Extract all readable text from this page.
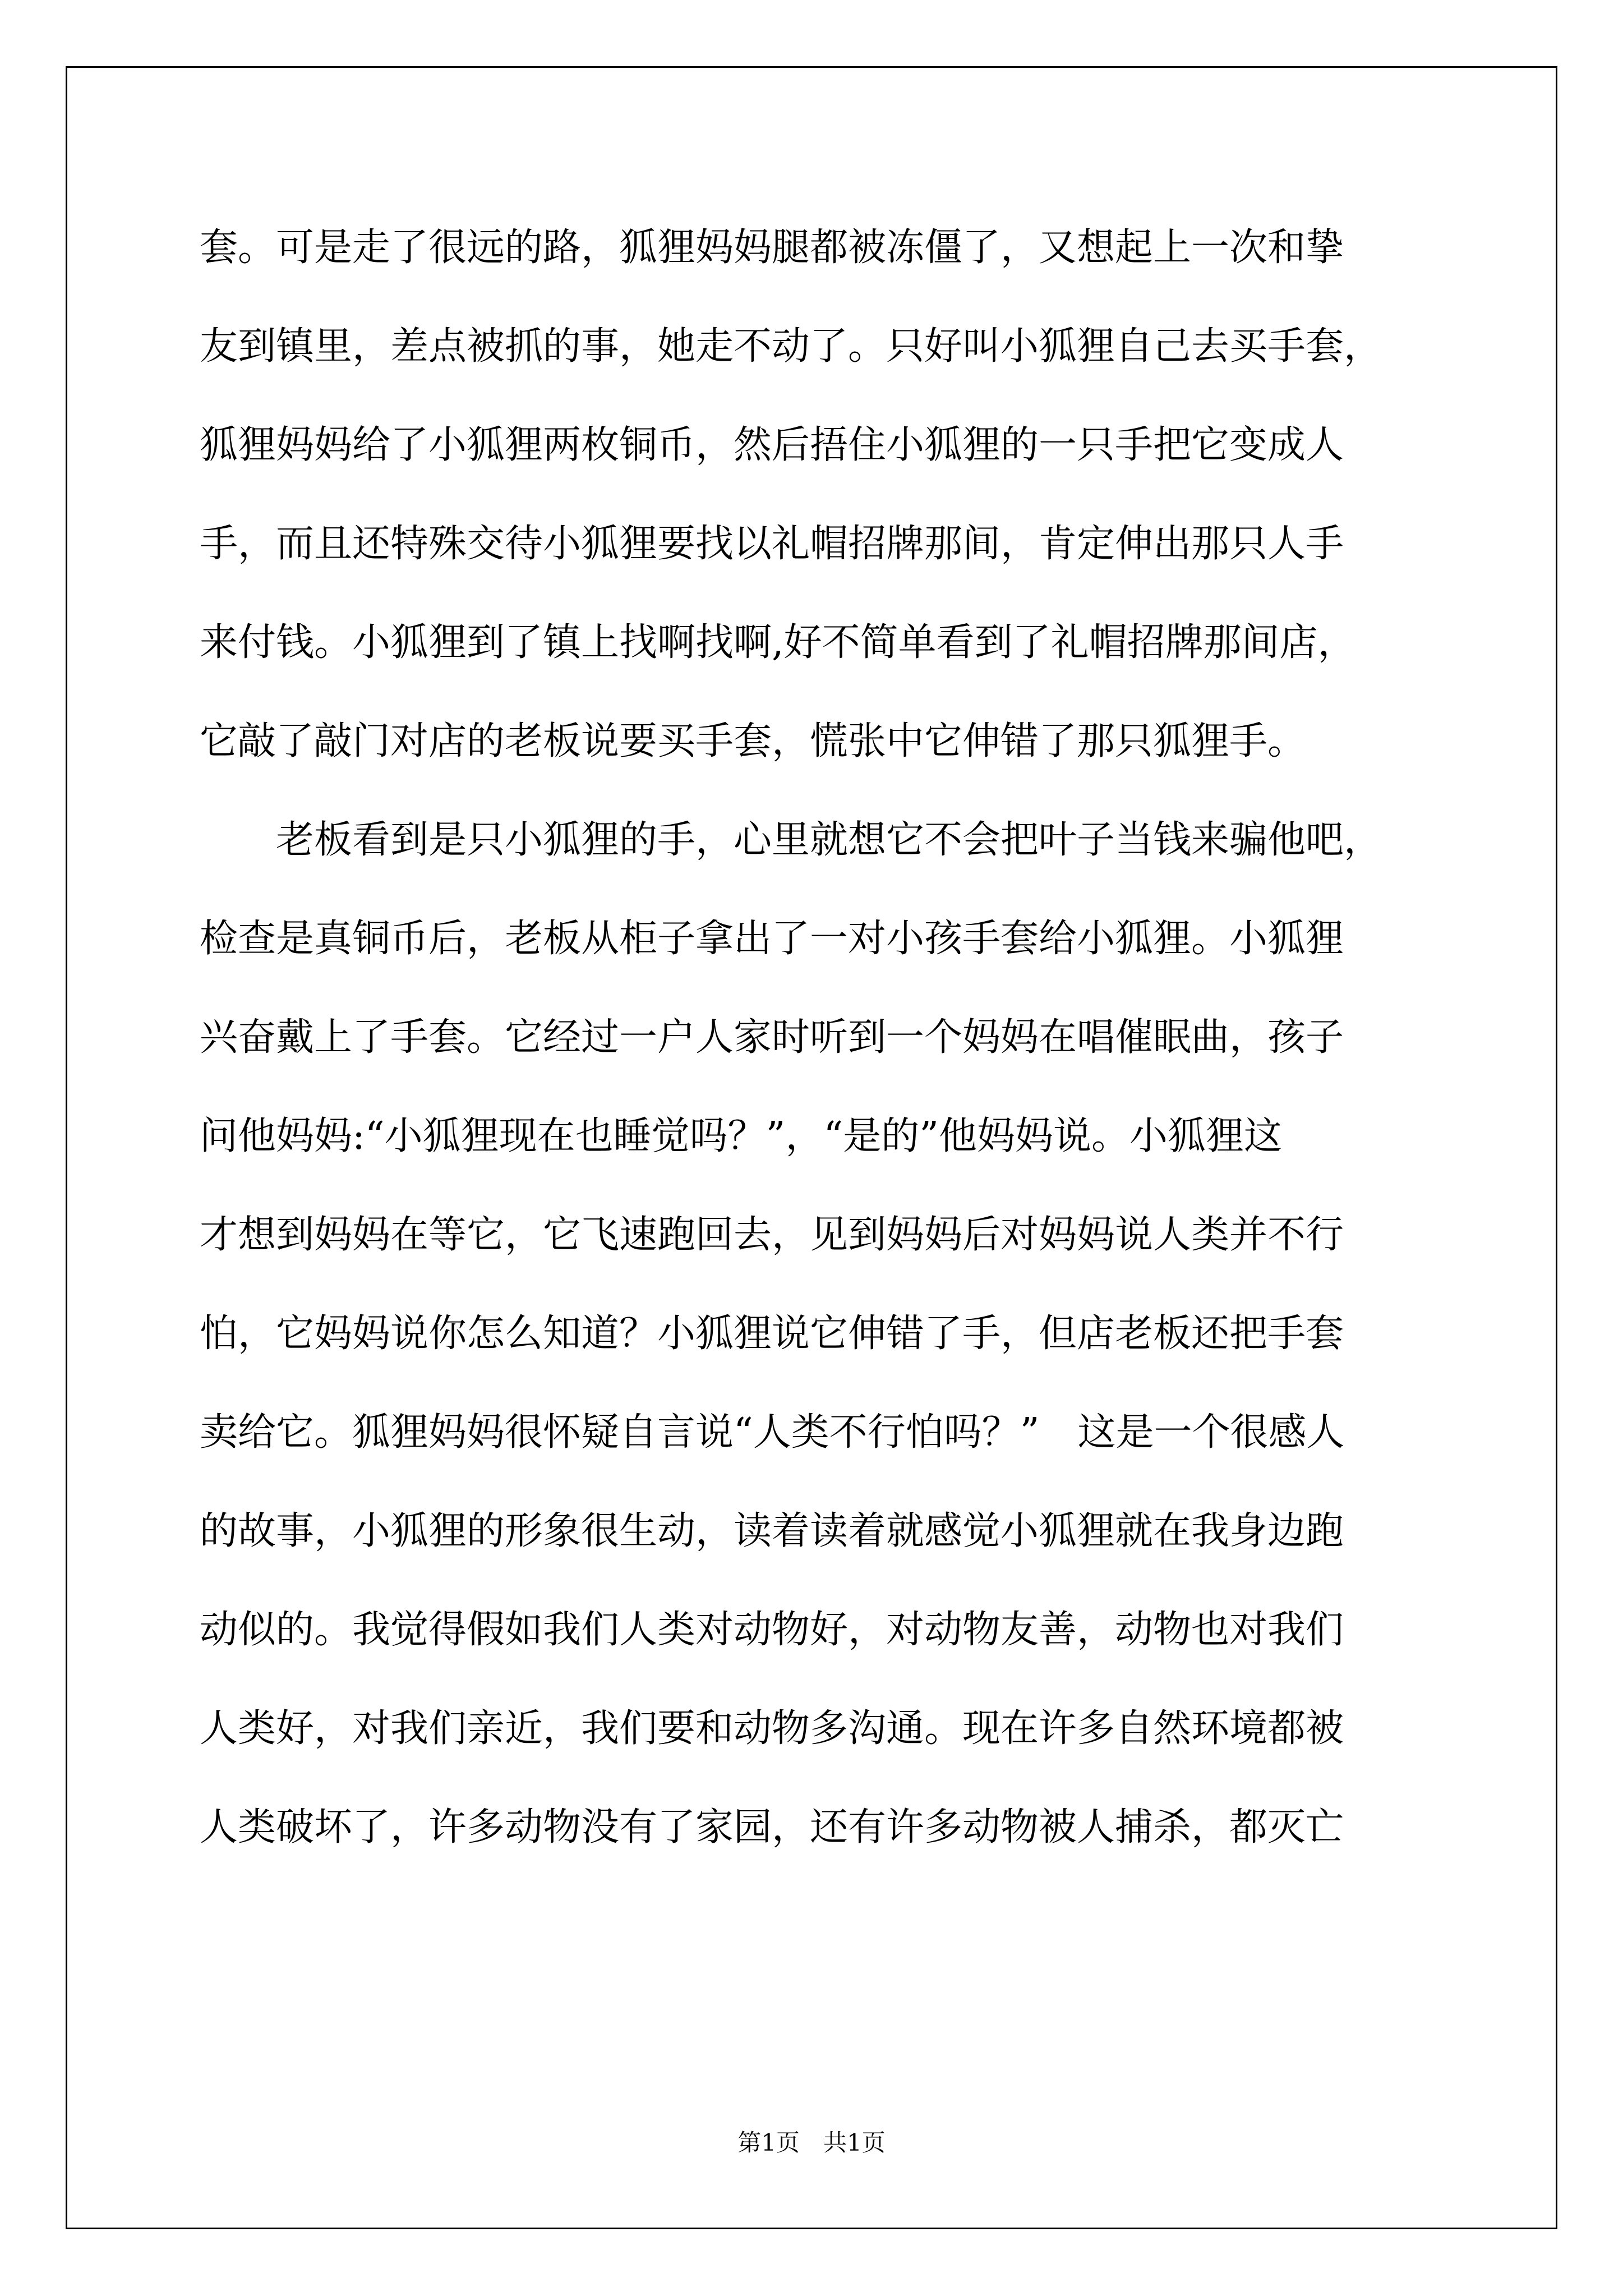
套。可是走了很远的路，狐狸妈妈腿都被冻僵了，又想起上一次和挚
友到镇里，差点被抓的事，她走不动了。只好叫小狐狸自己去买手套，
狐狸妈妈给了小狐狸两枚铜币，然后捂住小狐狸的一只手把它变成人
手，而且还特殊交待小狐狸要找以礼帽招牌那间，肯定伸出那只人手
来付钱。小狐狸到了镇上找啊找啊,好不简单看到了礼帽招牌那间店，
它敲了敲门对店的老板说要买手套，慌张中它伸错了那只狐狸手。
　　老板看到是只小狐狸的手，心里就想它不会把叶子当钱来骗他吧，
检查是真铜币后，老板从柜子拿出了一对小孩手套给小狐狸。小狐狸
兴奋戴上了手套。它经过一户人家时听到一个妈妈在唱催眠曲，孩子
问他妈妈:“小狐狸现在也睡觉吗？”，“是的”他妈妈说。小狐狸这
才想到妈妈在等它，它飞速跑回去，见到妈妈后对妈妈说人类并不行
怕，它妈妈说你怎么知道？小狐狸说它伸错了手，但店老板还把手套
卖给它。狐狸妈妈很怀疑自言说“人类不行怕吗？”　这是一个很感人
的故事，小狐狸的形象很生动，读着读着就感觉小狐狸就在我身边跑
动似的。我觉得假如我们人类对动物好，对动物友善，动物也对我们
人类好，对我们亲近，我们要和动物多沟通。现在许多自然环境都被
人类破坏了，许多动物没有了家园，还有许多动物被人捕杀，都灭亡
第1页　共1页
